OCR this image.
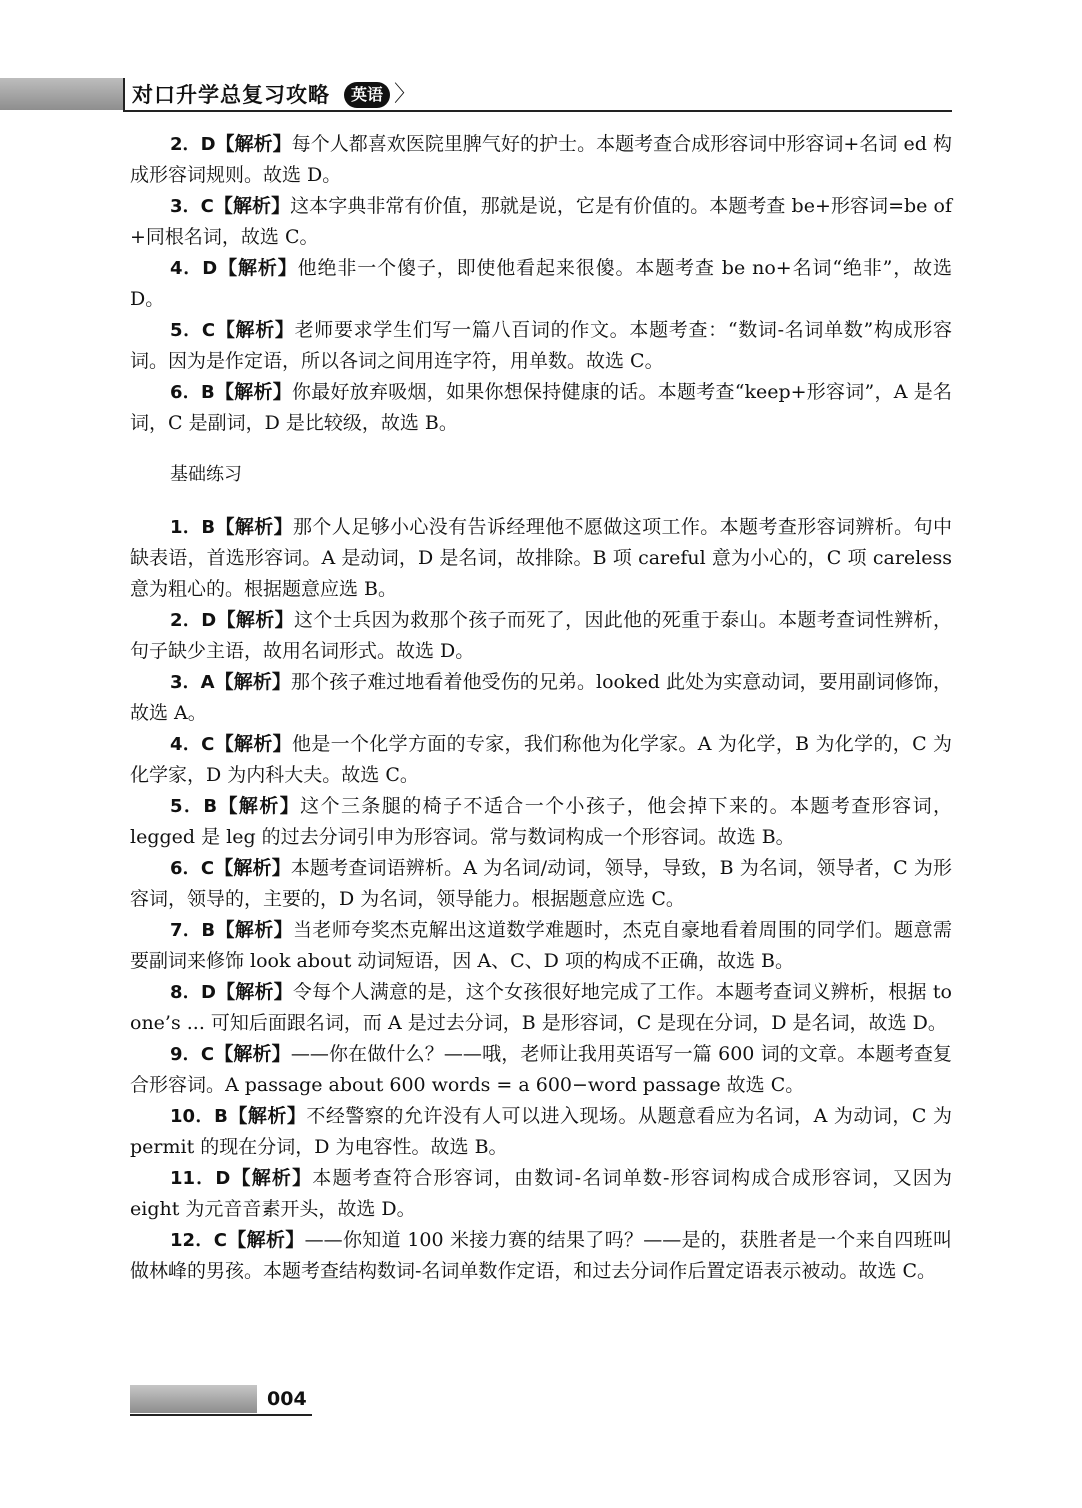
对口升学总复习攻略	英语 〉

2．D【解析】每个人都喜欢医院里脾气好的护士。本题考查合成形容词中形容词+名词 ed 构成形容词规则。故选 D。

3．C【解析】这本字典非常有价值，那就是说，它是有价值的。本题考查 be+形容词=be of +同根名词，故选 C。

4．D【解析】他绝非一个傻子，即使他看起来很傻。本题考查 be no+名词“绝非”，故选 D。

5．C【解析】老师要求学生们写一篇八百词的作文。本题考查：“数词-名词单数”构成形容词。因为是作定语，所以各词之间用连字符，用单数。故选 C。

6．B【解析】你最好放弃吸烟，如果你想保持健康的话。本题考查“keep+形容词”，A 是名词，C 是副词，D 是比较级，故选 B。

基础练习

1．B【解析】那个人足够小心没有告诉经理他不愿做这项工作。本题考查形容词辨析。句中缺表语，首选形容词。A 是动词，D 是名词，故排除。B 项 careful 意为小心的，C 项 careless 意为粗心的。根据题意应选 B。

2．D【解析】这个士兵因为救那个孩子而死了，因此他的死重于泰山。本题考查词性辨析，句子缺少主语，故用名词形式。故选 D。

3．A【解析】那个孩子难过地看着他受伤的兄弟。looked 此处为实意动词，要用副词修饰，故选 A。

4．C【解析】他是一个化学方面的专家，我们称他为化学家。A 为化学，B 为化学的，C 为化学家，D 为内科大夫。故选 C。

5．B【解析】这个三条腿的椅子不适合一个小孩子，他会掉下来的。本题考查形容词，legged 是 leg 的过去分词引申为形容词。常与数词构成一个形容词。故选 B。

6．C【解析】本题考查词语辨析。A 为名词/动词，领导，导致，B 为名词，领导者，C 为形容词，领导的，主要的，D 为名词，领导能力。根据题意应选 C。

7．B【解析】当老师夸奖杰克解出这道数学难题时，杰克自豪地看着周围的同学们。题意需要副词来修饰 look about 动词短语，因 A、C、D 项的构成不正确，故选 B。

8．D【解析】令每个人满意的是，这个女孩很好地完成了工作。本题考查词义辨析，根据 to one’s ... 可知后面跟名词，而 A 是过去分词，B 是形容词，C 是现在分词，D 是名词，故选 D。

9．C【解析】——你在做什么？——哦，老师让我用英语写一篇 600 词的文章。本题考查复合形容词。A passage about 600 words = a 600−word passage 故选 C。

10．B【解析】不经警察的允许没有人可以进入现场。从题意看应为名词，A 为动词，C 为 permit 的现在分词，D 为电容性。故选 B。

11．D【解析】本题考查符合形容词，由数词-名词单数-形容词构成合成形容词，又因为 eight 为元音音素开头，故选 D。

12．C【解析】——你知道 100 米接力赛的结果了吗？——是的，获胜者是一个来自四班叫做林峰的男孩。本题考查结构数词-名词单数作定语，和过去分词作后置定语表示被动。故选 C。

004
